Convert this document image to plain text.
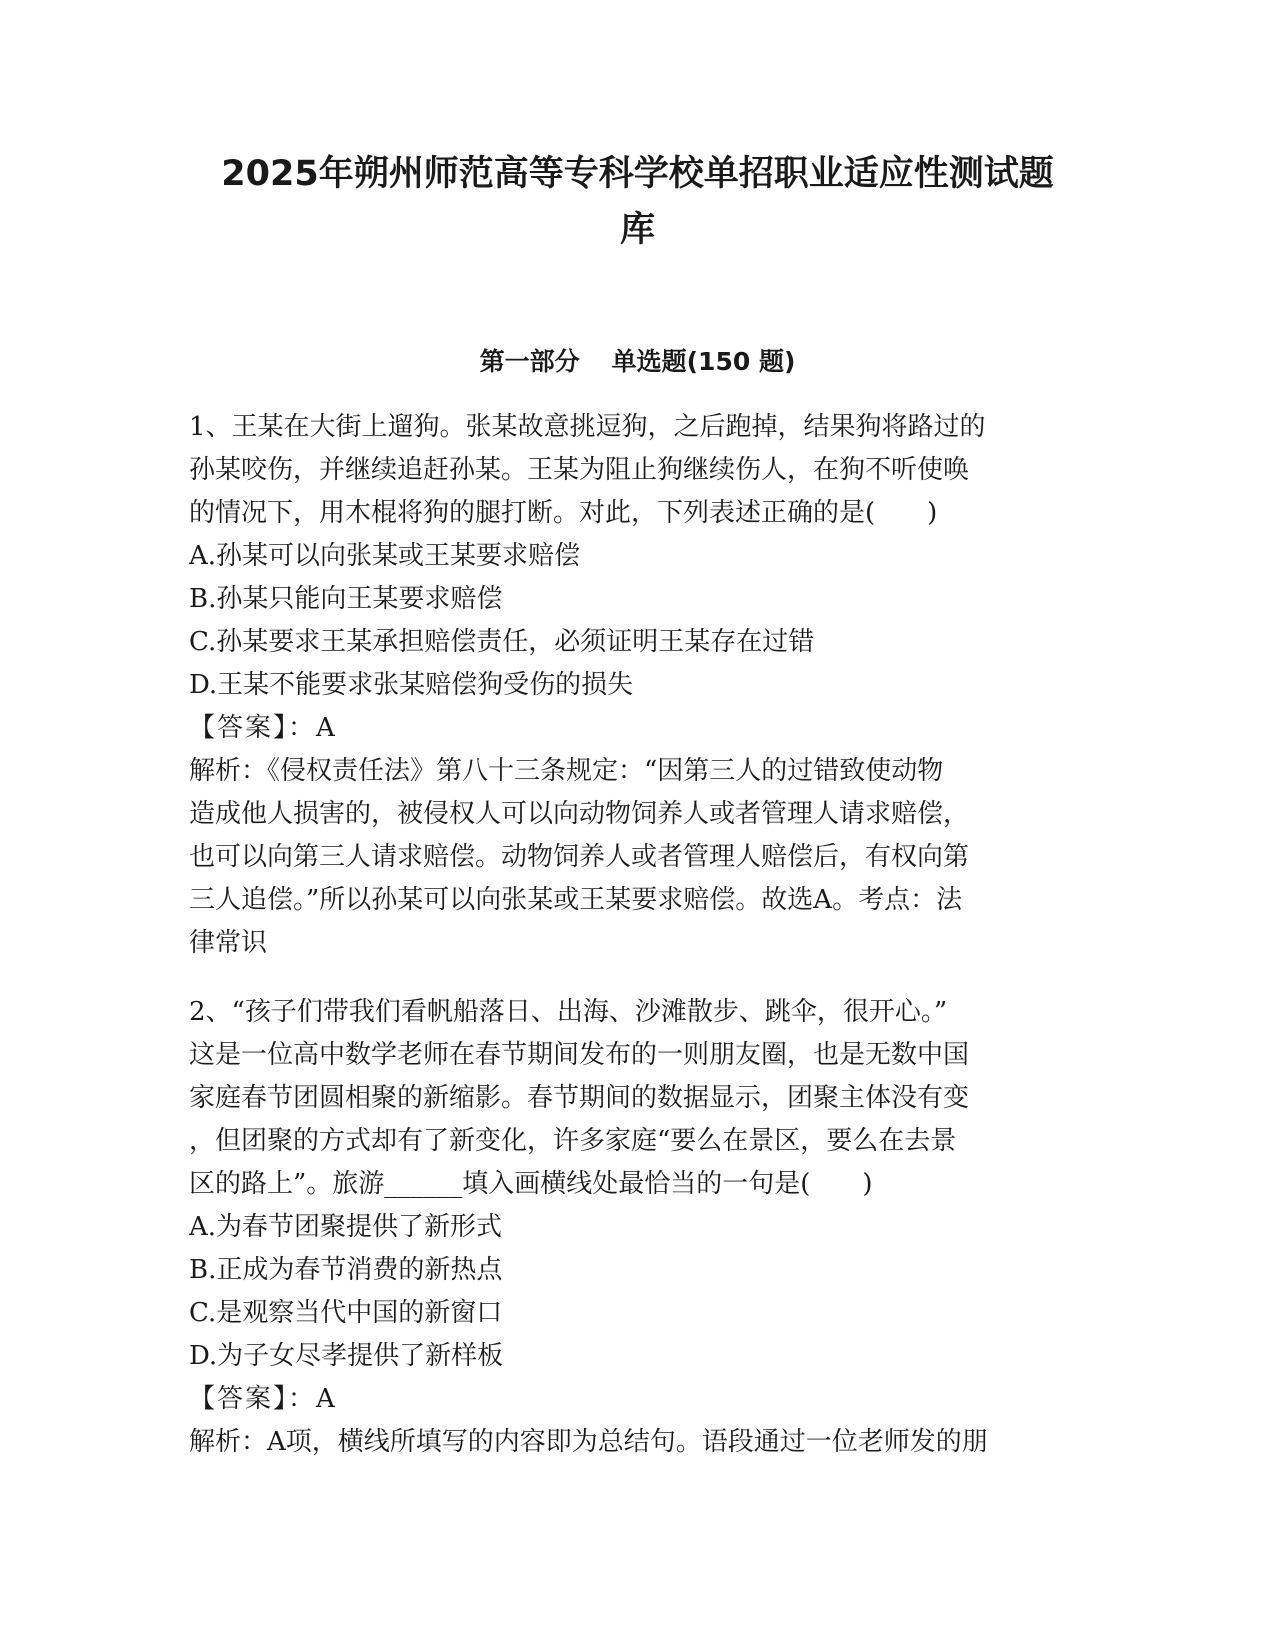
2025年朔州师范高等专科学校单招职业适应性测试题
库
第一部分 单选题(150 题)
1、王某在大街上遛狗。张某故意挑逗狗，之后跑掉，结果狗将路过的
孙某咬伤，并继续追赶孙某。王某为阻止狗继续伤人，在狗不听使唤
的情况下，用木棍将狗的腿打断。对此，下列表述正确的是(　　)
A.孙某可以向张某或王某要求赔偿
B.孙某只能向王某要求赔偿
C.孙某要求王某承担赔偿责任，必须证明王某存在过错
D.王某不能要求张某赔偿狗受伤的损失
【答案】：A
解析：《侵权责任法》第八十三条规定：“因第三人的过错致使动物
造成他人损害的，被侵权人可以向动物饲养人或者管理人请求赔偿，
也可以向第三人请求赔偿。动物饲养人或者管理人赔偿后，有权向第
三人追偿。”所以孙某可以向张某或王某要求赔偿。故选A。考点：法
律常识
2、“孩子们带我们看帆船落日、出海、沙滩散步、跳伞，很开心。”
这是一位高中数学老师在春节期间发布的一则朋友圈，也是无数中国
家庭春节团圆相聚的新缩影。春节期间的数据显示，团聚主体没有变
，但团聚的方式却有了新变化，许多家庭“要么在景区，要么在去景
区的路上”。旅游______填入画横线处最恰当的一句是(　　)
A.为春节团聚提供了新形式
B.正成为春节消费的新热点
C.是观察当代中国的新窗口
D.为子女尽孝提供了新样板
【答案】：A
解析：A项，横线所填写的内容即为总结句。语段通过一位老师发的朋
